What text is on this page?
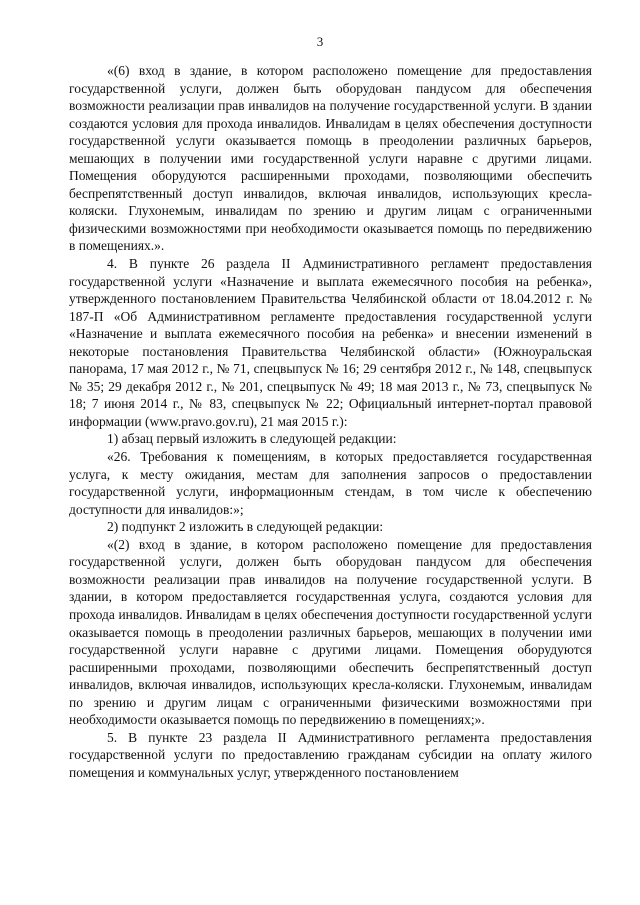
3

«(6) вход в здание, в котором расположено помещение для предоставления государственной услуги, должен быть оборудован пандусом для обеспечения возможности реализации прав инвалидов на получение государственной услуги. В здании создаются условия для прохода инвалидов. Инвалидам в целях обеспечения доступности государственной услуги оказывается помощь в преодолении различных барьеров, мешающих в получении ими государственной услуги наравне с другими лицами. Помещения оборудуются расширенными проходами, позволяющими обеспечить беспрепятственный доступ инвалидов, включая инвалидов, использующих кресла-коляски. Глухонемым, инвалидам по зрению и другим лицам с ограниченными физическими возможностями при необходимости оказывается помощь по передвижению в помещениях.».

4. В пункте 26 раздела II Административного регламент предоставления государственной услуги «Назначение и выплата ежемесячного пособия на ребенка», утвержденного постановлением Правительства Челябинской области от 18.04.2012 г. № 187-П «Об Административном регламенте предоставления государственной услуги «Назначение и выплата ежемесячного пособия на ребенка» и внесении изменений в некоторые постановления Правительства Челябинской области» (Южноуральская панорама, 17 мая 2012 г., № 71, спецвыпуск № 16; 29 сентября 2012 г., № 148, спецвыпуск № 35; 29 декабря 2012 г., № 201, спецвыпуск № 49; 18 мая 2013 г., № 73, спецвыпуск № 18; 7 июня 2014 г., № 83, спецвыпуск № 22; Официальный интернет-портал правовой информации (www.pravo.gov.ru), 21 мая 2015 г.):

1) абзац первый изложить в следующей редакции:

«26. Требования к помещениям, в которых предоставляется государственная услуга, к месту ожидания, местам для заполнения запросов о предоставлении государственной услуги, информационным стендам, в том числе к обеспечению доступности для инвалидов:»;

2) подпункт 2 изложить в следующей редакции:

«(2) вход в здание, в котором расположено помещение для предоставления государственной услуги, должен быть оборудован пандусом для обеспечения возможности реализации прав инвалидов на получение государственной услуги. В здании, в котором предоставляется государственная услуга, создаются условия для прохода инвалидов. Инвалидам в целях обеспечения доступности государственной услуги оказывается помощь в преодолении различных барьеров, мешающих в получении ими государственной услуги наравне с другими лицами. Помещения оборудуются расширенными проходами, позволяющими обеспечить беспрепятственный доступ инвалидов, включая инвалидов, использующих кресла-коляски. Глухонемым, инвалидам по зрению и другим лицам с ограниченными физическими возможностями при необходимости оказывается помощь по передвижению в помещениях;».

5. В пункте 23 раздела II Административного регламента предоставления государственной услуги по предоставлению гражданам субсидии на оплату жилого помещения и коммунальных услуг, утвержденного постановлением
